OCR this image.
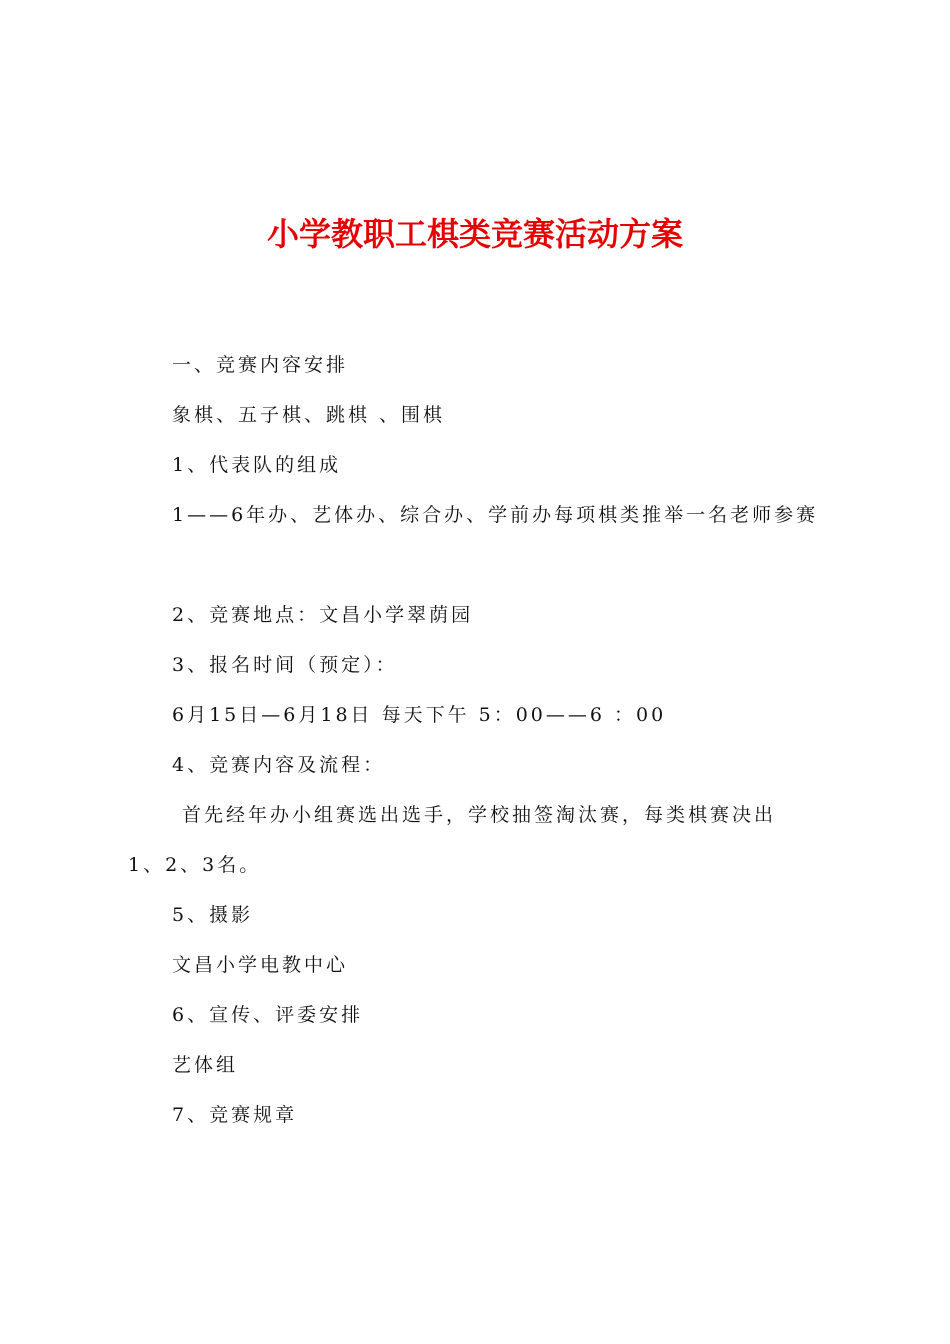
小学教职工棋类竞赛活动方案
一、竞赛内容安排
象棋、五子棋、跳棋 、围棋
1、代表队的组成
1——6年办、艺体办、综合办、学前办每项棋类推举一名老师参赛
2、竞赛地点：文昌小学翠荫园
3、报名时间（预定）：
6月15日—6月18日 每天下午 5：00——6 ：00
4、竞赛内容及流程：
首先经年办小组赛选出选手，学校抽签淘汰赛，每类棋赛决出
1、2、3名。
5、摄影
文昌小学电教中心
6、宣传、评委安排
艺体组
7、竞赛规章
